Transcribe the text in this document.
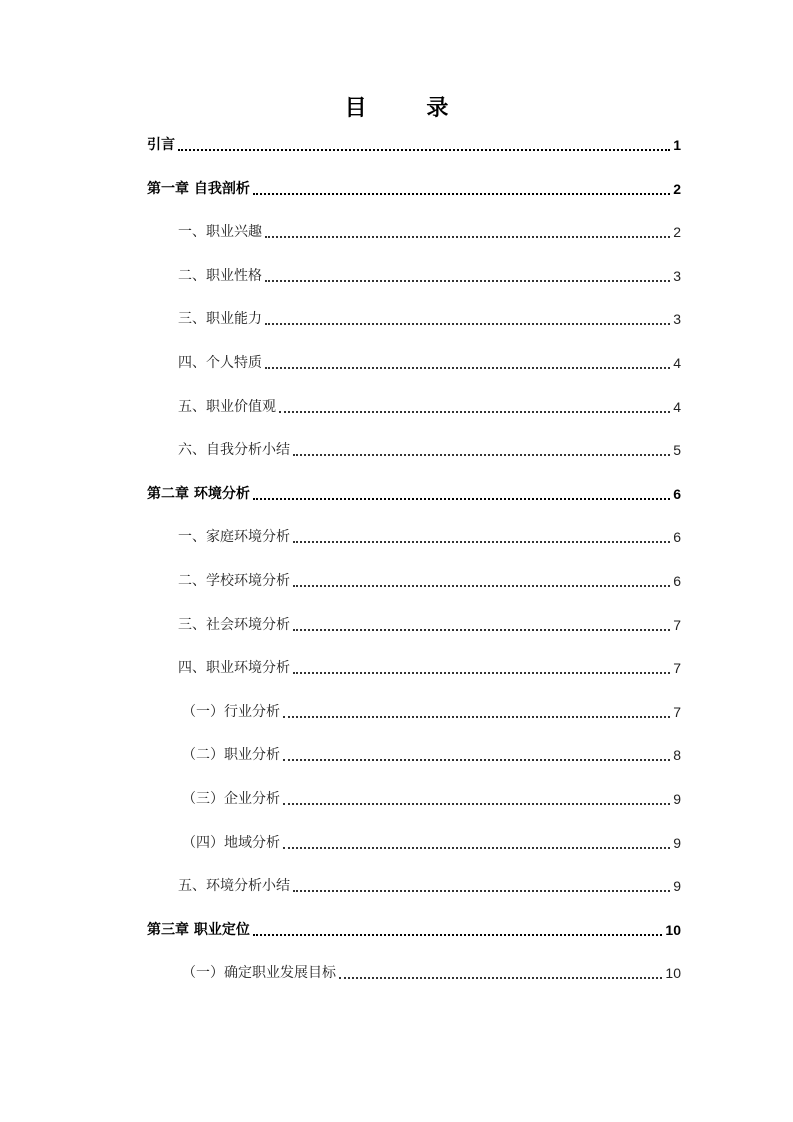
目 录
引言	1
第一章 自我剖析	2
一、职业兴趣	2
二、职业性格	3
三、职业能力	3
四、个人特质	4
五、职业价值观	4
六、自我分析小结	5
第二章 环境分析	6
一、家庭环境分析	6
二、学校环境分析	6
三、社会环境分析	7
四、职业环境分析	7
（一）行业分析	7
（二）职业分析	8
（三）企业分析	9
（四）地域分析	9
五、环境分析小结	9
第三章 职业定位	10
（一）确定职业发展目标	10
